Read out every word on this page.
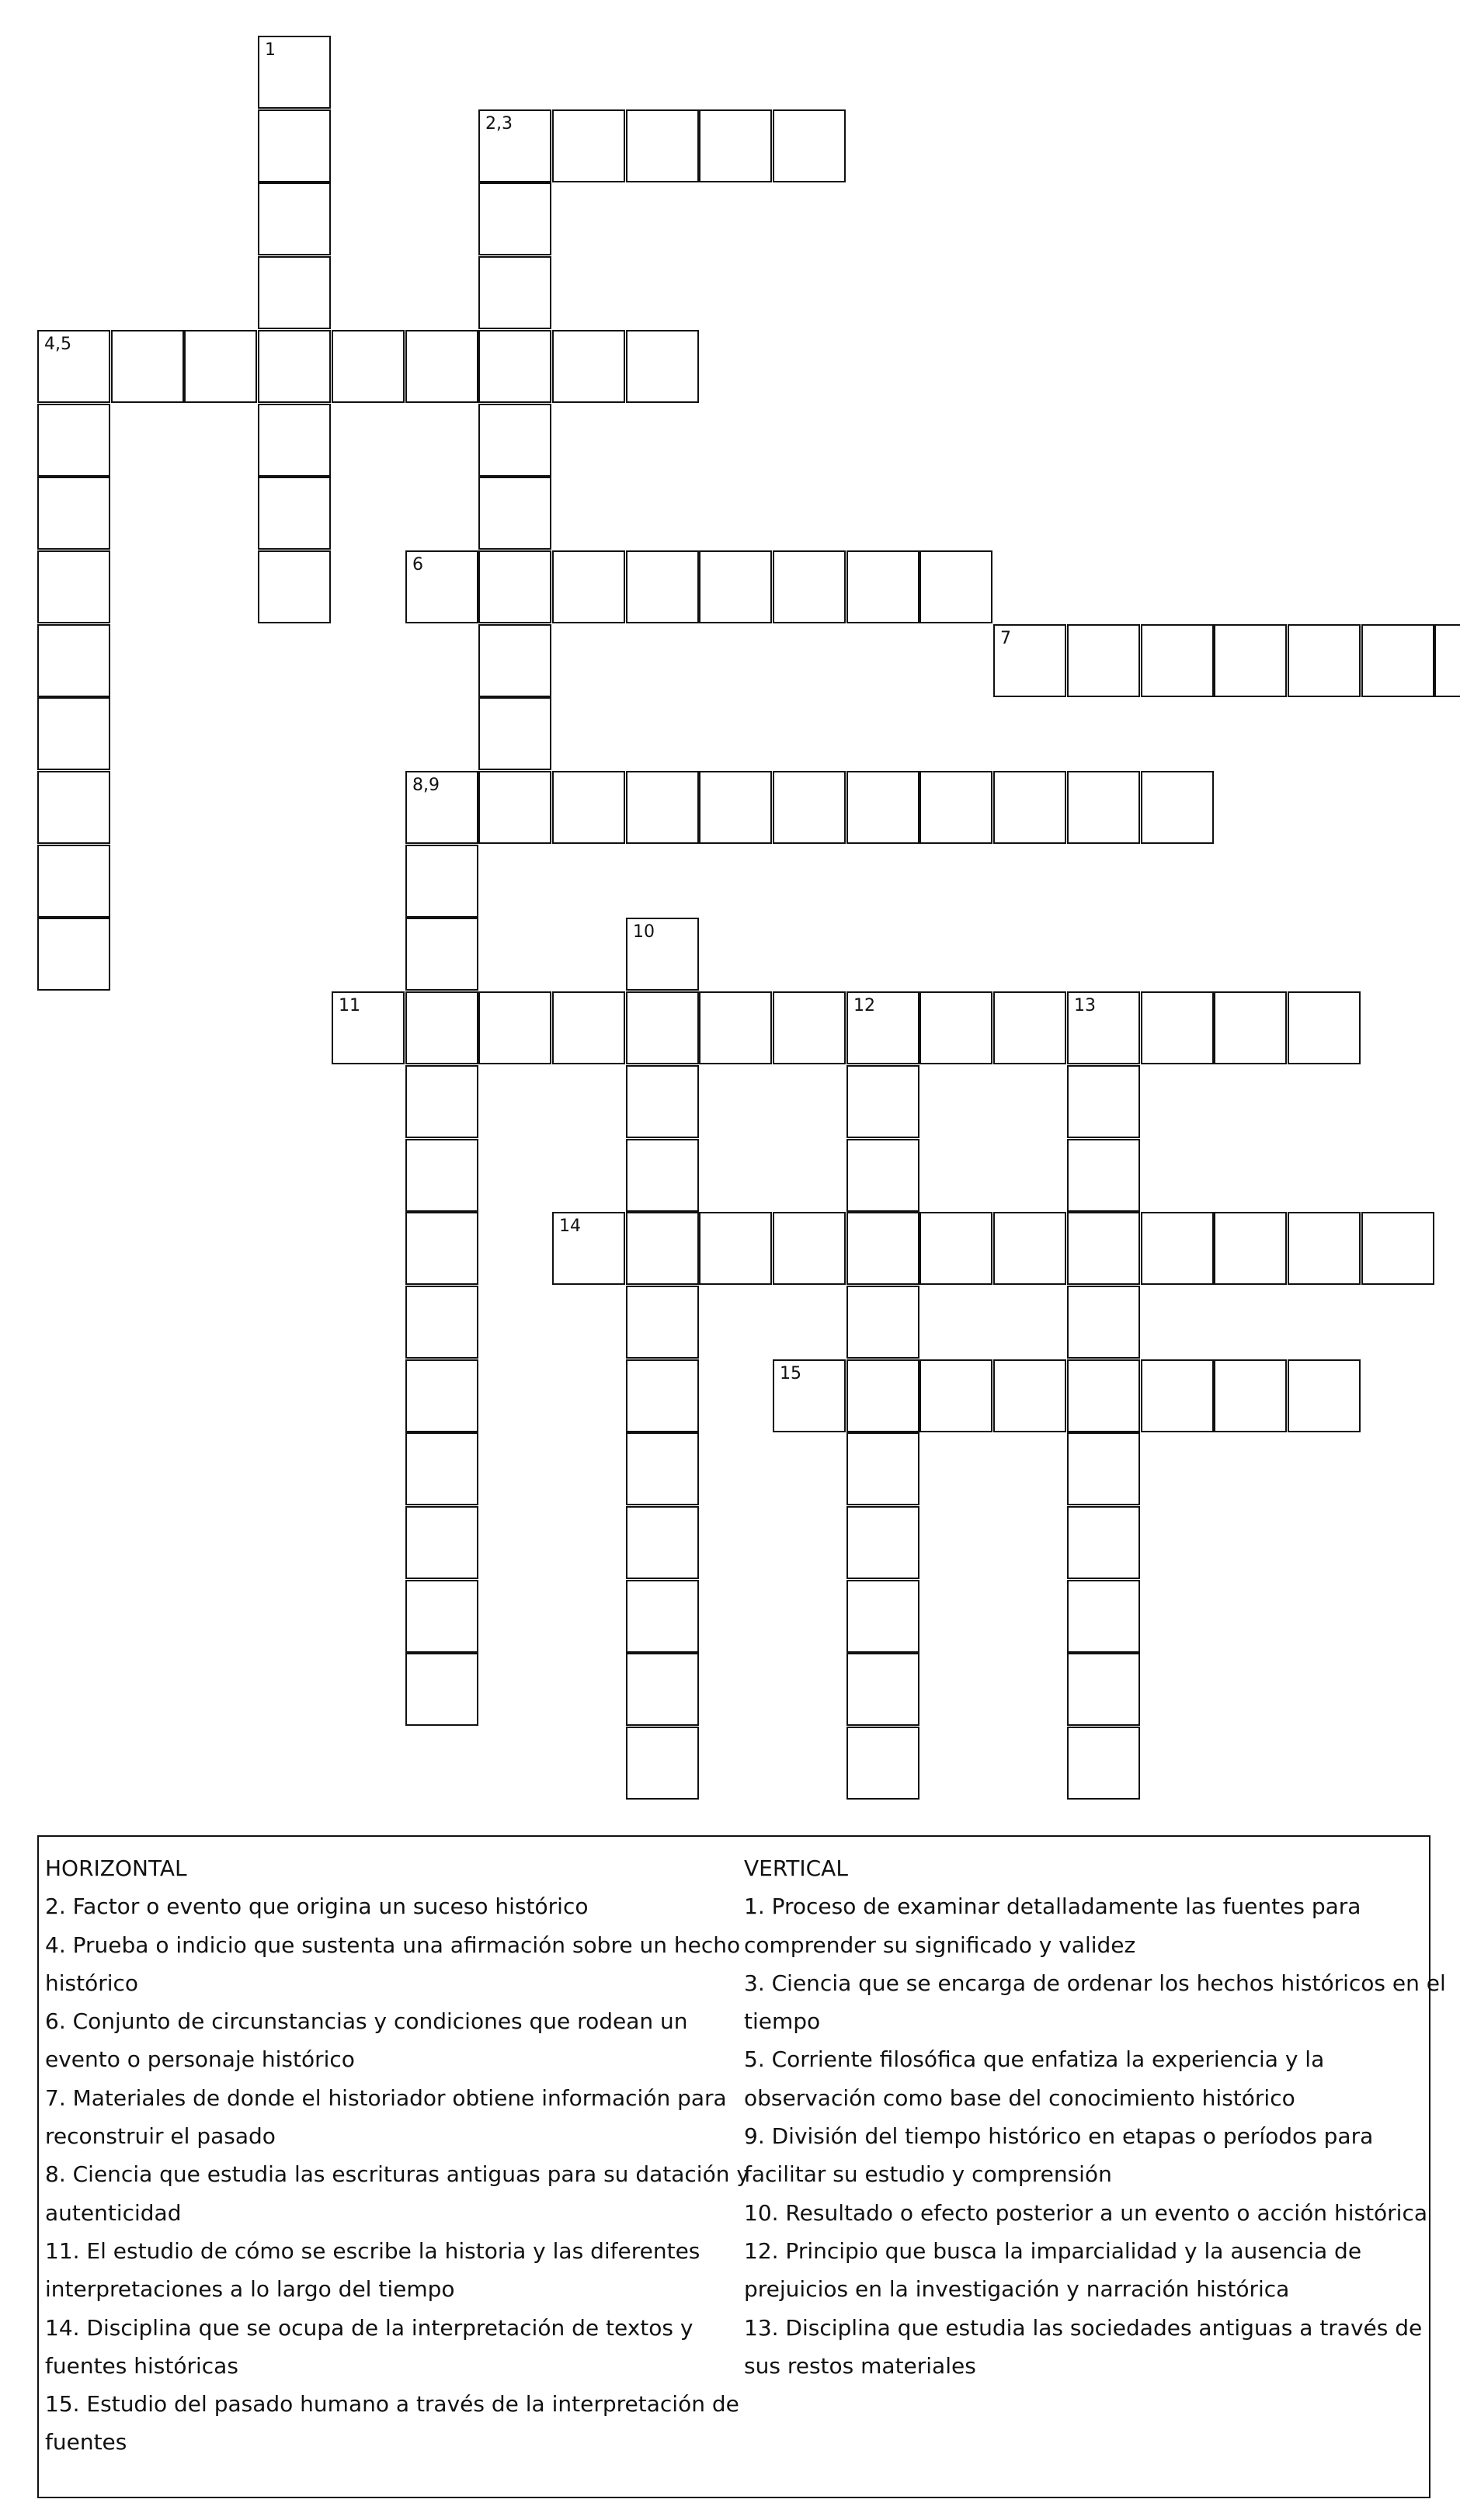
1
2,3
4,5
6
7
8,9
10
11	12	13
14
15
HORIZONTAL
2. Factor o evento que origina un suceso histórico
4. Prueba o indicio que sustenta una afirmación sobre un hecho
histórico
6. Conjunto de circunstancias y condiciones que rodean un
evento o personaje histórico
7. Materiales de donde el historiador obtiene información para
reconstruir el pasado
8. Ciencia que estudia las escrituras antiguas para su datación y
autenticidad
11. El estudio de cómo se escribe la historia y las diferentes
interpretaciones a lo largo del tiempo
14. Disciplina que se ocupa de la interpretación de textos y
fuentes históricas
15. Estudio del pasado humano a través de la interpretación de
fuentes
VERTICAL
1. Proceso de examinar detalladamente las fuentes para
comprender su significado y validez
3. Ciencia que se encarga de ordenar los hechos históricos en el
tiempo
5. Corriente filosófica que enfatiza la experiencia y la
observación como base del conocimiento histórico
9. División del tiempo histórico en etapas o períodos para
facilitar su estudio y comprensión
10. Resultado o efecto posterior a un evento o acción histórica
12. Principio que busca la imparcialidad y la ausencia de
prejuicios en la investigación y narración histórica
13. Disciplina que estudia las sociedades antiguas a través de
sus restos materiales
